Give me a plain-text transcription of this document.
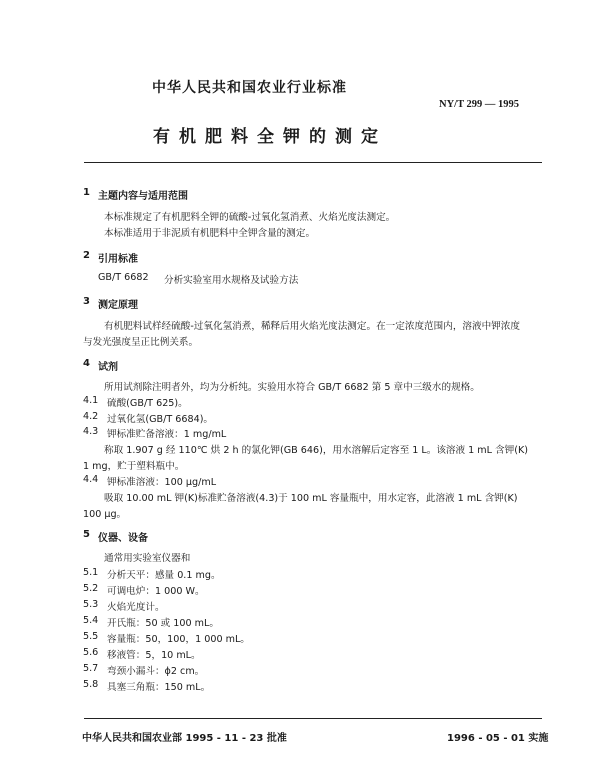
中华人民共和国农业行业标准
NY/T 299 — 1995
有机肥料全钾的测定
1 主题内容与适用范围
本标准规定了有机肥料全钾的硫酸-过氧化氢消煮、火焰光度法测定。
本标准适用于非泥质有机肥料中全钾含量的测定。
2 引用标准
GB/T 6682 分析实验室用水规格及试验方法
3 测定原理
有机肥料试样经硫酸-过氧化氢消煮，稀释后用火焰光度法测定。在一定浓度范围内，溶液中钾浓度
与发光强度呈正比例关系。
4 试剂
所用试剂除注明者外，均为分析纯。实验用水符合 GB/T 6682 第 5 章中三级水的规格。
4.1 硫酸(GB/T 625)。
4.2 过氧化氢(GB/T 6684)。
4.3 钾标准贮备溶液：1 mg/mL
称取 1.907 g 经 110℃ 烘 2 h 的氯化钾(GB 646)，用水溶解后定容至 1 L。该溶液 1 mL 含钾(K)
1 mg，贮于塑料瓶中。
4.4 钾标准溶液：100 μg/mL
吸取 10.00 mL 钾(K)标准贮备溶液(4.3)于 100 mL 容量瓶中，用水定容，此溶液 1 mL 含钾(K)
100 μg。
5 仪器、设备
通常用实验室仪器和
5.1 分析天平：感量 0.1 mg。
5.2 可调电炉：1 000 W。
5.3 火焰光度计。
5.4 开氏瓶：50 或 100 mL。
5.5 容量瓶：50，100，1 000 mL。
5.6 移液管：5，10 mL。
5.7 弯颈小漏斗：ϕ2 cm。
5.8 具塞三角瓶：150 mL。
中华人民共和国农业部 1995 - 11 - 23 批准	1996 - 05 - 01 实施
